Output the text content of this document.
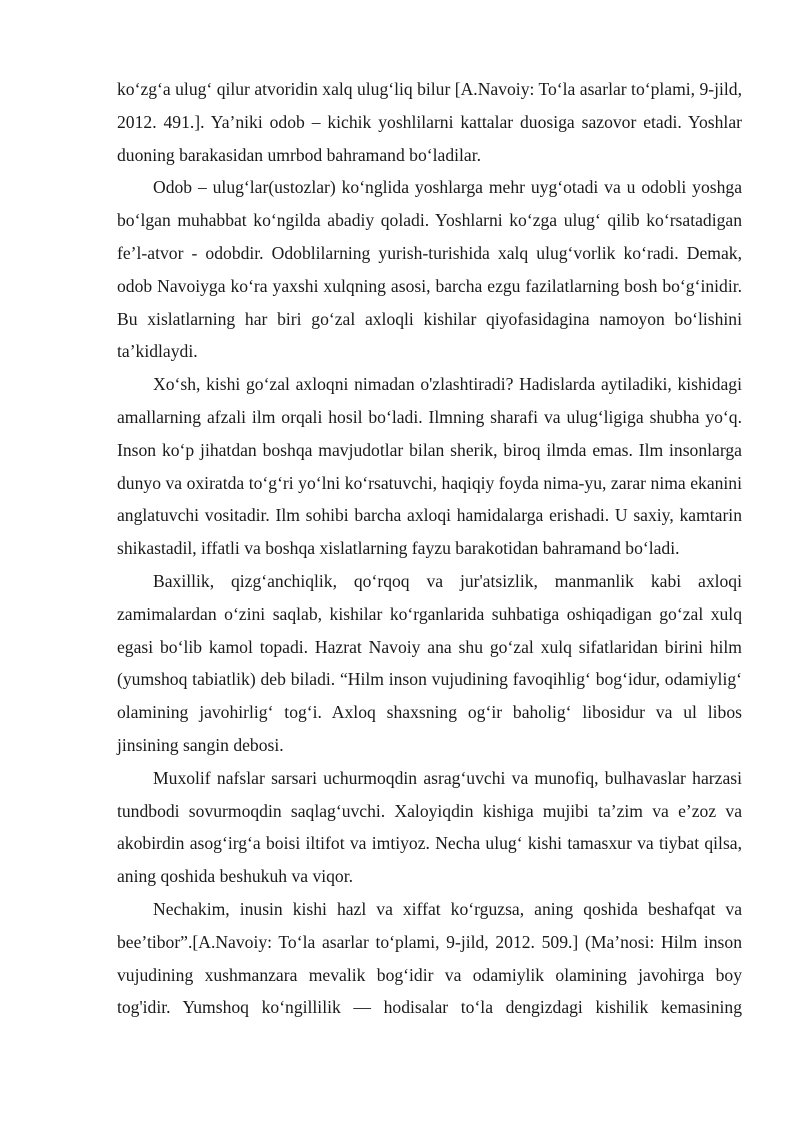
ko‘zg‘a ulug‘ qilur atvoridin xalq ulug‘liq bilur [A.Navoiy: To‘la asarlar to‘plami, 9-jild, 2012. 491.]. Ya’niki odob – kichik yoshlilarni kattalar duosiga sazovor etadi. Yoshlar duoning barakasidan umrbod bahramand bo‘ladilar.

Odob – ulug‘lar(ustozlar) ko‘nglida yoshlarga mehr uyg‘otadi va u odobli yoshga bo‘lgan muhabbat ko‘ngilda abadiy qoladi. Yoshlarni ko‘zga ulug‘ qilib ko‘rsatadigan fe’l-atvor - odobdir. Odoblilarning yurish-turishida xalq ulug‘vorlik ko‘radi. Demak, odob Navoiyga ko‘ra yaxshi xulqning asosi, barcha ezgu fazilatlarning bosh bo‘g‘inidir. Bu xislatlarning har biri go‘zal axloqli kishilar qiyofasidagina namoyon bo‘lishini ta’kidlaydi.

Xo‘sh, kishi go‘zal axloqni nimadan o'zlashtiradi? Hadislarda aytiladiki, kishidagi amallarning afzali ilm orqali hosil bo‘ladi. Ilmning sharafi va ulug‘ligiga shubha yo‘q. Inson ko‘p jihatdan boshqa mavjudotlar bilan sherik, biroq ilmda emas. Ilm insonlarga dunyo va oxiratda to‘g‘ri yo‘lni ko‘rsatuvchi, haqiqiy foyda nima-yu, zarar nima ekanini anglatuvchi vositadir. Ilm sohibi barcha axloqi hamidalarga erishadi. U saxiy, kamtarin shikastadil, iffatli va boshqa xislatlarning fayzu barakotidan bahramand bo‘ladi.

Baxillik, qizg‘anchiqlik, qo‘rqoq va jur'atsizlik, manmanlik kabi axloqi zamimalardan o‘zini saqlab, kishilar ko‘rganlarida suhbatiga oshiqadigan go‘zal xulq egasi bo‘lib kamol topadi. Hazrat Navoiy ana shu go‘zal xulq sifatlaridan birini hilm (yumshoq tabiatlik) deb biladi. “Hilm inson vujudining favoqihlig‘ bog‘idur, odamiylig‘ olamining javohirlig‘ tog‘i. Axloq shaxsning og‘ir baholig‘ libosidur va ul libos jinsining sangin debosi.

Muxolif nafslar sarsari uchurmoqdin asrag‘uvchi va munofiq, bulhavaslar harzasi tundbodi sovurmoqdin saqlag‘uvchi. Xaloyiqdin kishiga mujibi ta’zim va e’zoz va akobirdin asog‘irg‘a boisi iltifot va imtiyoz. Necha ulug‘ kishi tamasxur va tiybat qilsa, aning qoshida beshukuh va viqor.

Nechakim, inusin kishi hazl va xiffat ko‘rguzsa, aning qoshida beshafqat va bee’tibor”.[A.Navoiy: To‘la asarlar to‘plami, 9-jild, 2012. 509.] (Ma’nosi: Hilm inson vujudining xushmanzara mevalik bog‘idir va odamiylik olamining javohirga boy tog'idir. Yumshoq ko‘ngillilik — hodisalar to‘la dengizdagi kishilik kemasining
